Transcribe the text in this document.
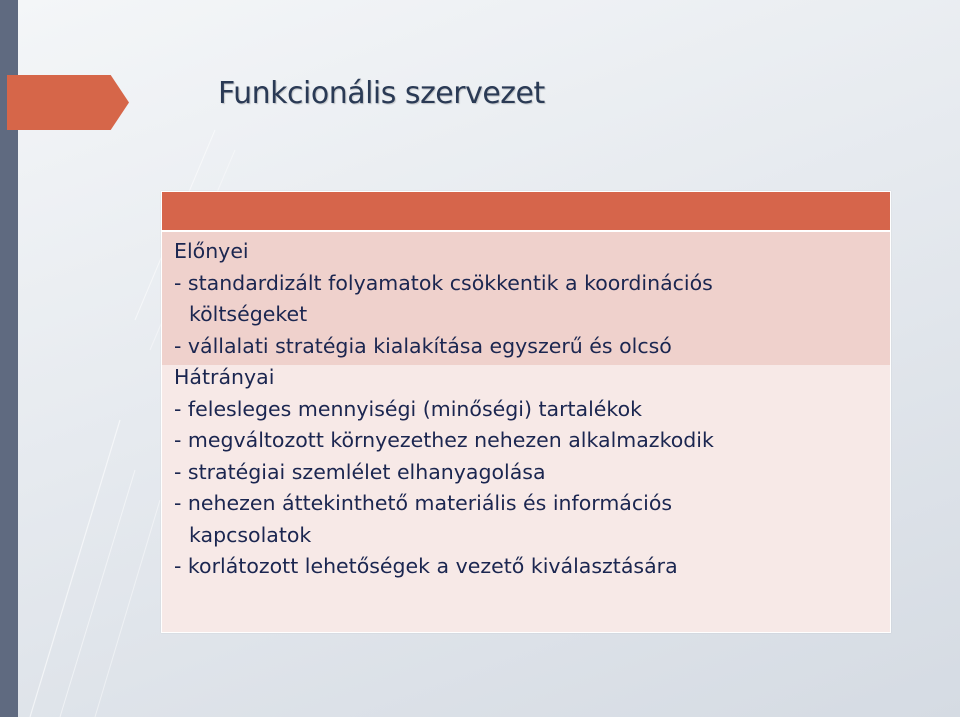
Funkcionális szervezet
Előnyei
- standardizált folyamatok csökkentik a koordinációs
költségeket
- vállalati stratégia kialakítása egyszerű és olcsó
Hátrányai
- felesleges mennyiségi (minőségi) tartalékok
- megváltozott környezethez nehezen alkalmazkodik
- stratégiai szemlélet elhanyagolása
- nehezen áttekinthető materiális és információs
kapcsolatok
- korlátozott lehetőségek a vezető kiválasztására
